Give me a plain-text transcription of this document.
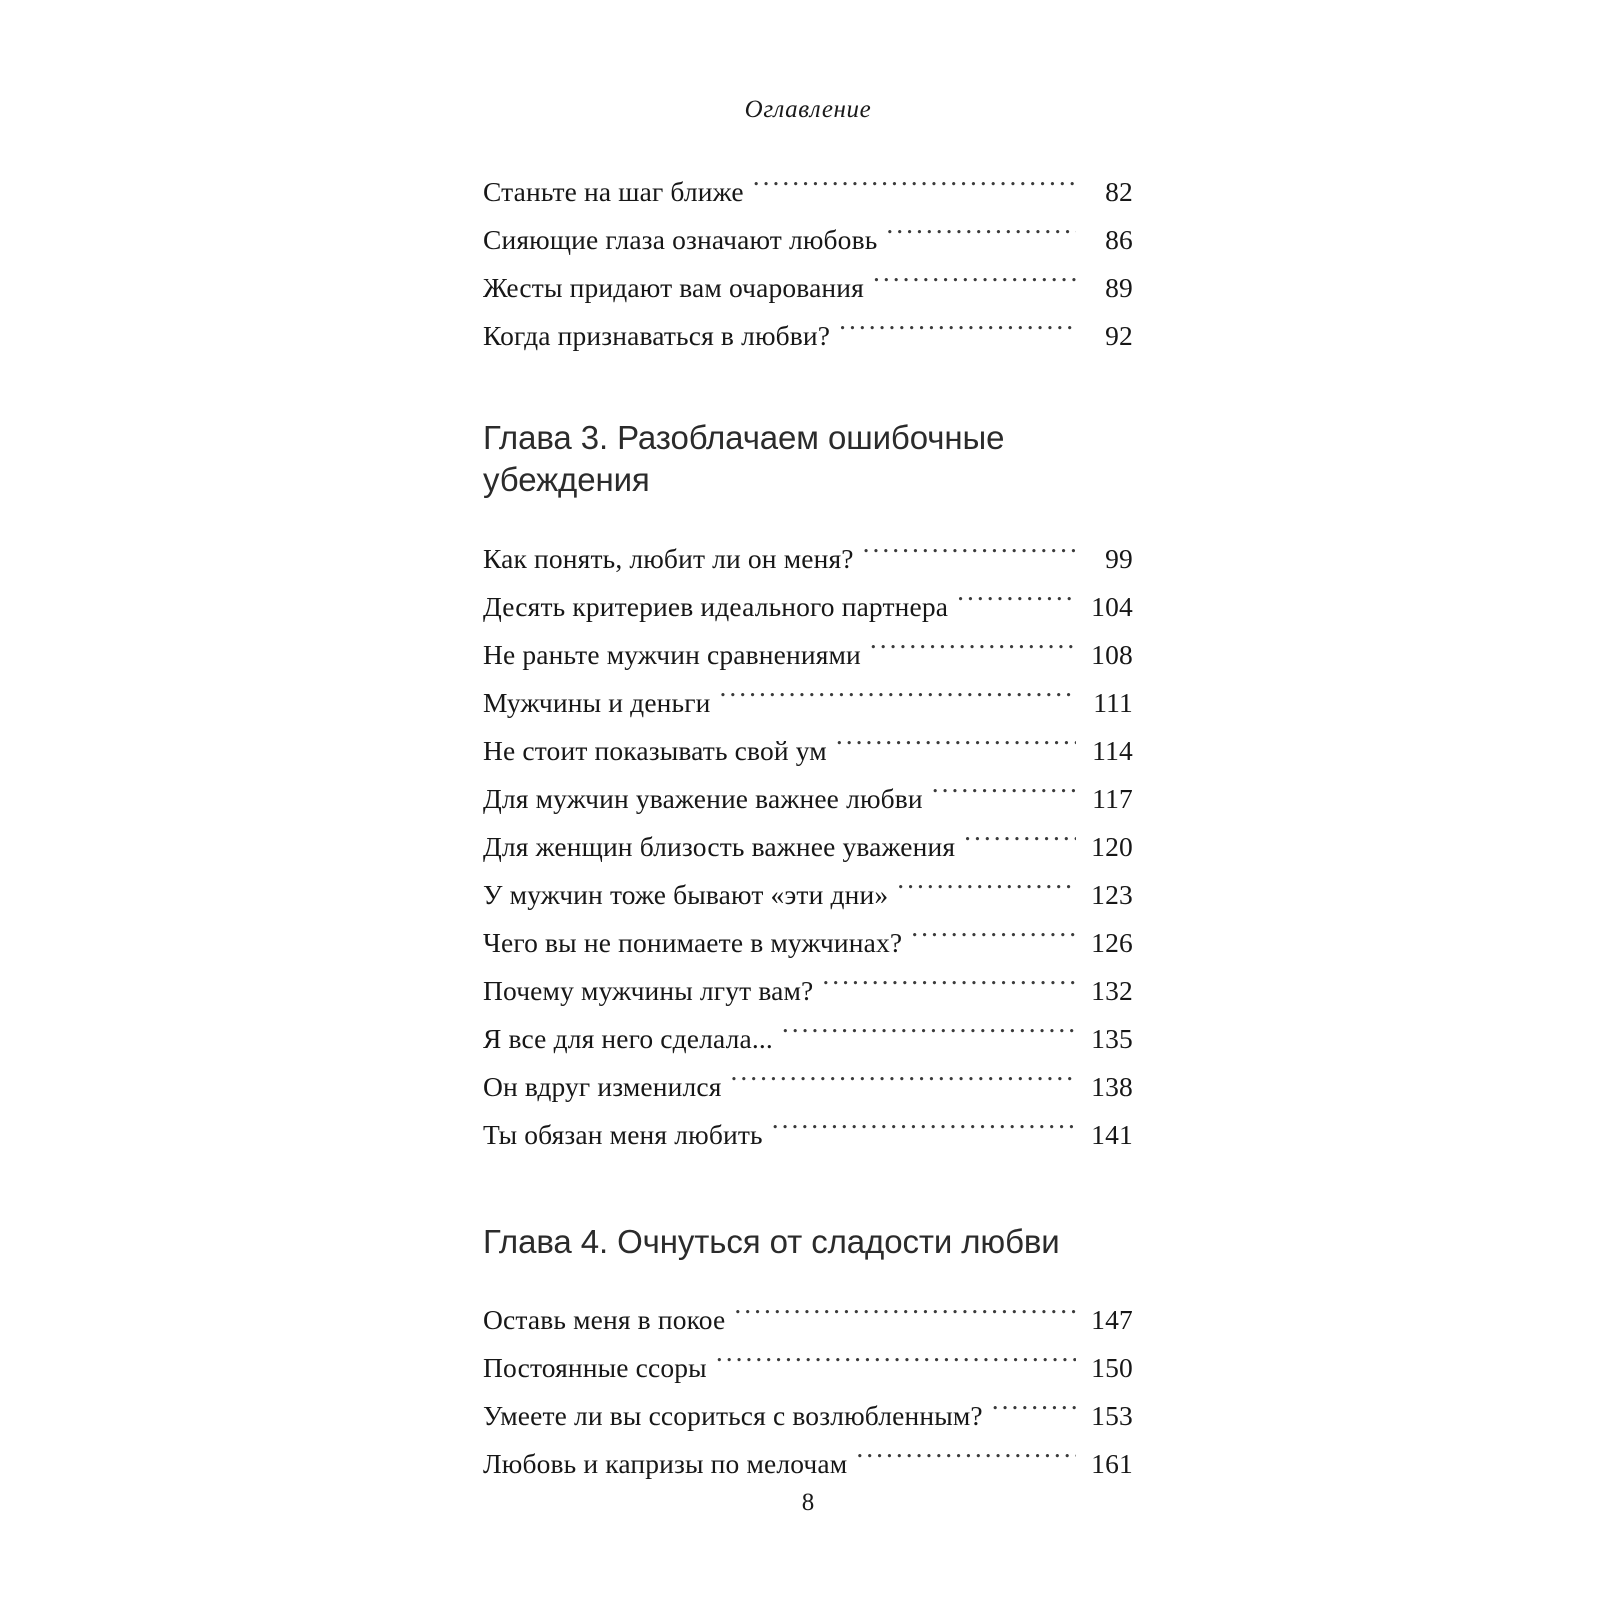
Оглавление
Станьте на шаг ближе .....	82
Сияющие глаза означают любовь .....	86
Жесты придают вам очарования .....	89
Когда признаваться в любви? .....	92
Глава 3. Разоблачаем ошибочные убеждения
Как понять, любит ли он меня? .....	99
Десять критериев идеального партнера .....	104
Не раньте мужчин сравнениями .....	108
Мужчины и деньги .....	111
Не стоит показывать свой ум .....	114
Для мужчин уважение важнее любви .....	117
Для женщин близость важнее уважения .....	120
У мужчин тоже бывают «эти дни» .....	123
Чего вы не понимаете в мужчинах? .....	126
Почему мужчины лгут вам? .....	132
Я все для него сделала... .....	135
Он вдруг изменился .....	138
Ты обязан меня любить .....	141
Глава 4. Очнуться от сладости любви
Оставь меня в покое .....	147
Постоянные ссоры .....	150
Умеете ли вы ссориться с возлюбленным? .....	153
Любовь и капризы по мелочам .....	161
8
